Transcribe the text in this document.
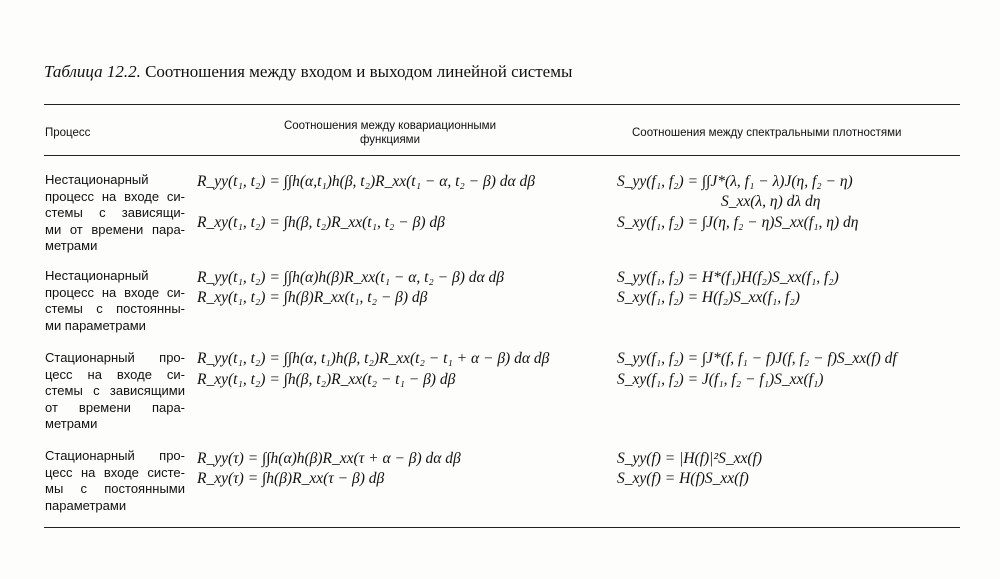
Таблица 12.2. Соотношения между входом и выходом линейной системы
Процесс
Соотношения между ковариационными
функциями
Соотношения между спектральными плотностями
Нестационарный
процесс на входе си-
стемы с зависящи-
ми от времени пара-
метрами
R_yy(t₁, t₂) = ∫∫h(α,t₁)h(β, t₂)R_xx(t₁ − α, t₂ − β) dα dβ
R_xy(t₁, t₂) = ∫h(β, t₂)R_xx(t₁, t₂ − β) dβ
S_yy(f₁, f₂) = ∫∫J*(λ, f₁ − λ)J(η, f₂ − η)
S_xx(λ, η) dλ dη
S_xy(f₁, f₂) = ∫J(η, f₂ − η)S_xx(f₁, η) dη
Нестационарный
процесс на входе си-
стемы с постоянны-
ми параметрами
R_yy(t₁, t₂) = ∫∫h(α)h(β)R_xx(t₁ − α, t₂ − β) dα dβ
R_xy(t₁, t₂) = ∫h(β)R_xx(t₁, t₂ − β) dβ
S_yy(f₁, f₂) = H*(f₁)H(f₂)S_xx(f₁, f₂)
S_xy(f₁, f₂) = H(f₂)S_xx(f₁, f₂)
Стационарный про-
цесс на входе си-
стемы с зависящими
от времени пара-
метрами
R_yy(t₁, t₂) = ∫∫h(α, t₁)h(β, t₂)R_xx(t₂ − t₁ + α − β) dα dβ
R_xy(t₁, t₂) = ∫h(β, t₂)R_xx(t₂ − t₁ − β) dβ
S_yy(f₁, f₂) = ∫J*(f, f₁ − f)J(f, f₂ − f)S_xx(f) df
S_xy(f₁, f₂) = J(f₁, f₂ − f₁)S_xx(f₁)
Стационарный про-
цесс на входе систе-
мы с постоянными
параметрами
R_yy(τ) = ∫∫h(α)h(β)R_xx(τ + α − β) dα dβ
R_xy(τ) = ∫h(β)R_xx(τ − β) dβ
S_yy(f) = |H(f)|²S_xx(f)
S_xy(f) = H(f)S_xx(f)
